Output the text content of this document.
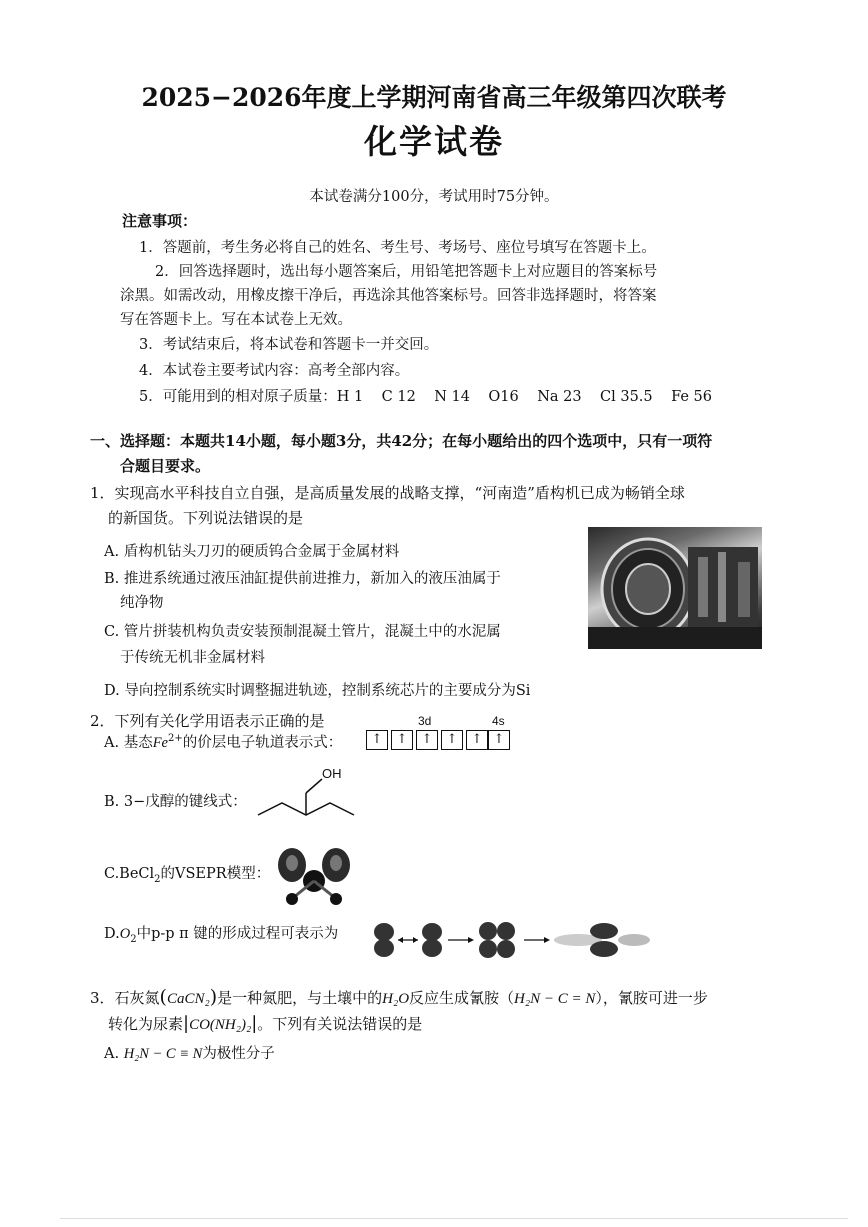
2025−2026年度上学期河南省高三年级第四次联考
化学试卷
本试卷满分100分，考试用时75分钟。
注意事项：
1．答题前，考生务必将自己的姓名、考生号、考场号、座位号填写在答题卡上。
2．回答选择题时，选出每小题答案后，用铅笔把答题卡上对应题目的答案标号
涂黑。如需改动，用橡皮擦干净后，再选涂其他答案标号。回答非选择题时，将答案
写在答题卡上。写在本试卷上无效。
3．考试结束后，将本试卷和答题卡一并交回。
4．本试卷主要考试内容：高考全部内容。
5．可能用到的相对原子质量：H 1    C 12    N 14    O16    Na 23    Cl 35.5    Fe 56
一、选择题：本题共14小题，每小题3分，共42分；在每小题给出的四个选项中，只有一项符
合题目要求。
1．实现高水平科技自立自强，是高质量发展的战略支撑，“河南造”盾构机已成为畅销全球
的新国货。下列说法错误的是
A. 盾构机钻头刀刃的硬质钨合金属于金属材料
B. 推进系统通过液压油缸提供前进推力，新加入的液压油属于
纯净物
C. 管片拼装机构负责安装预制混凝土管片，混凝土中的水泥属
于传统无机非金属材料
D. 导向控制系统实时调整掘进轨迹，控制系统芯片的主要成分为Si
2．下列有关化学用语表示正确的是
A. 基态$Fe^{2+}$的价层电子轨道表示式：
3d	4s
↑ ↑ ↑ ↑ ↑ ↑
B. 3−戊醇的键线式：
OH
C.BeCl$_2$的VSEPR模型：
$D.O_2$中p-p π 键的形成过程可表示为
3．石灰氮(CaCN₂)是一种氮肥，与土壤中的H₂O反应生成氰胺（H₂N − C = N），氰胺可进一步
转化为尿素|CO(NH₂)₂|。下列有关说法错误的是
A. H₂N − C ≡ N为极性分子
